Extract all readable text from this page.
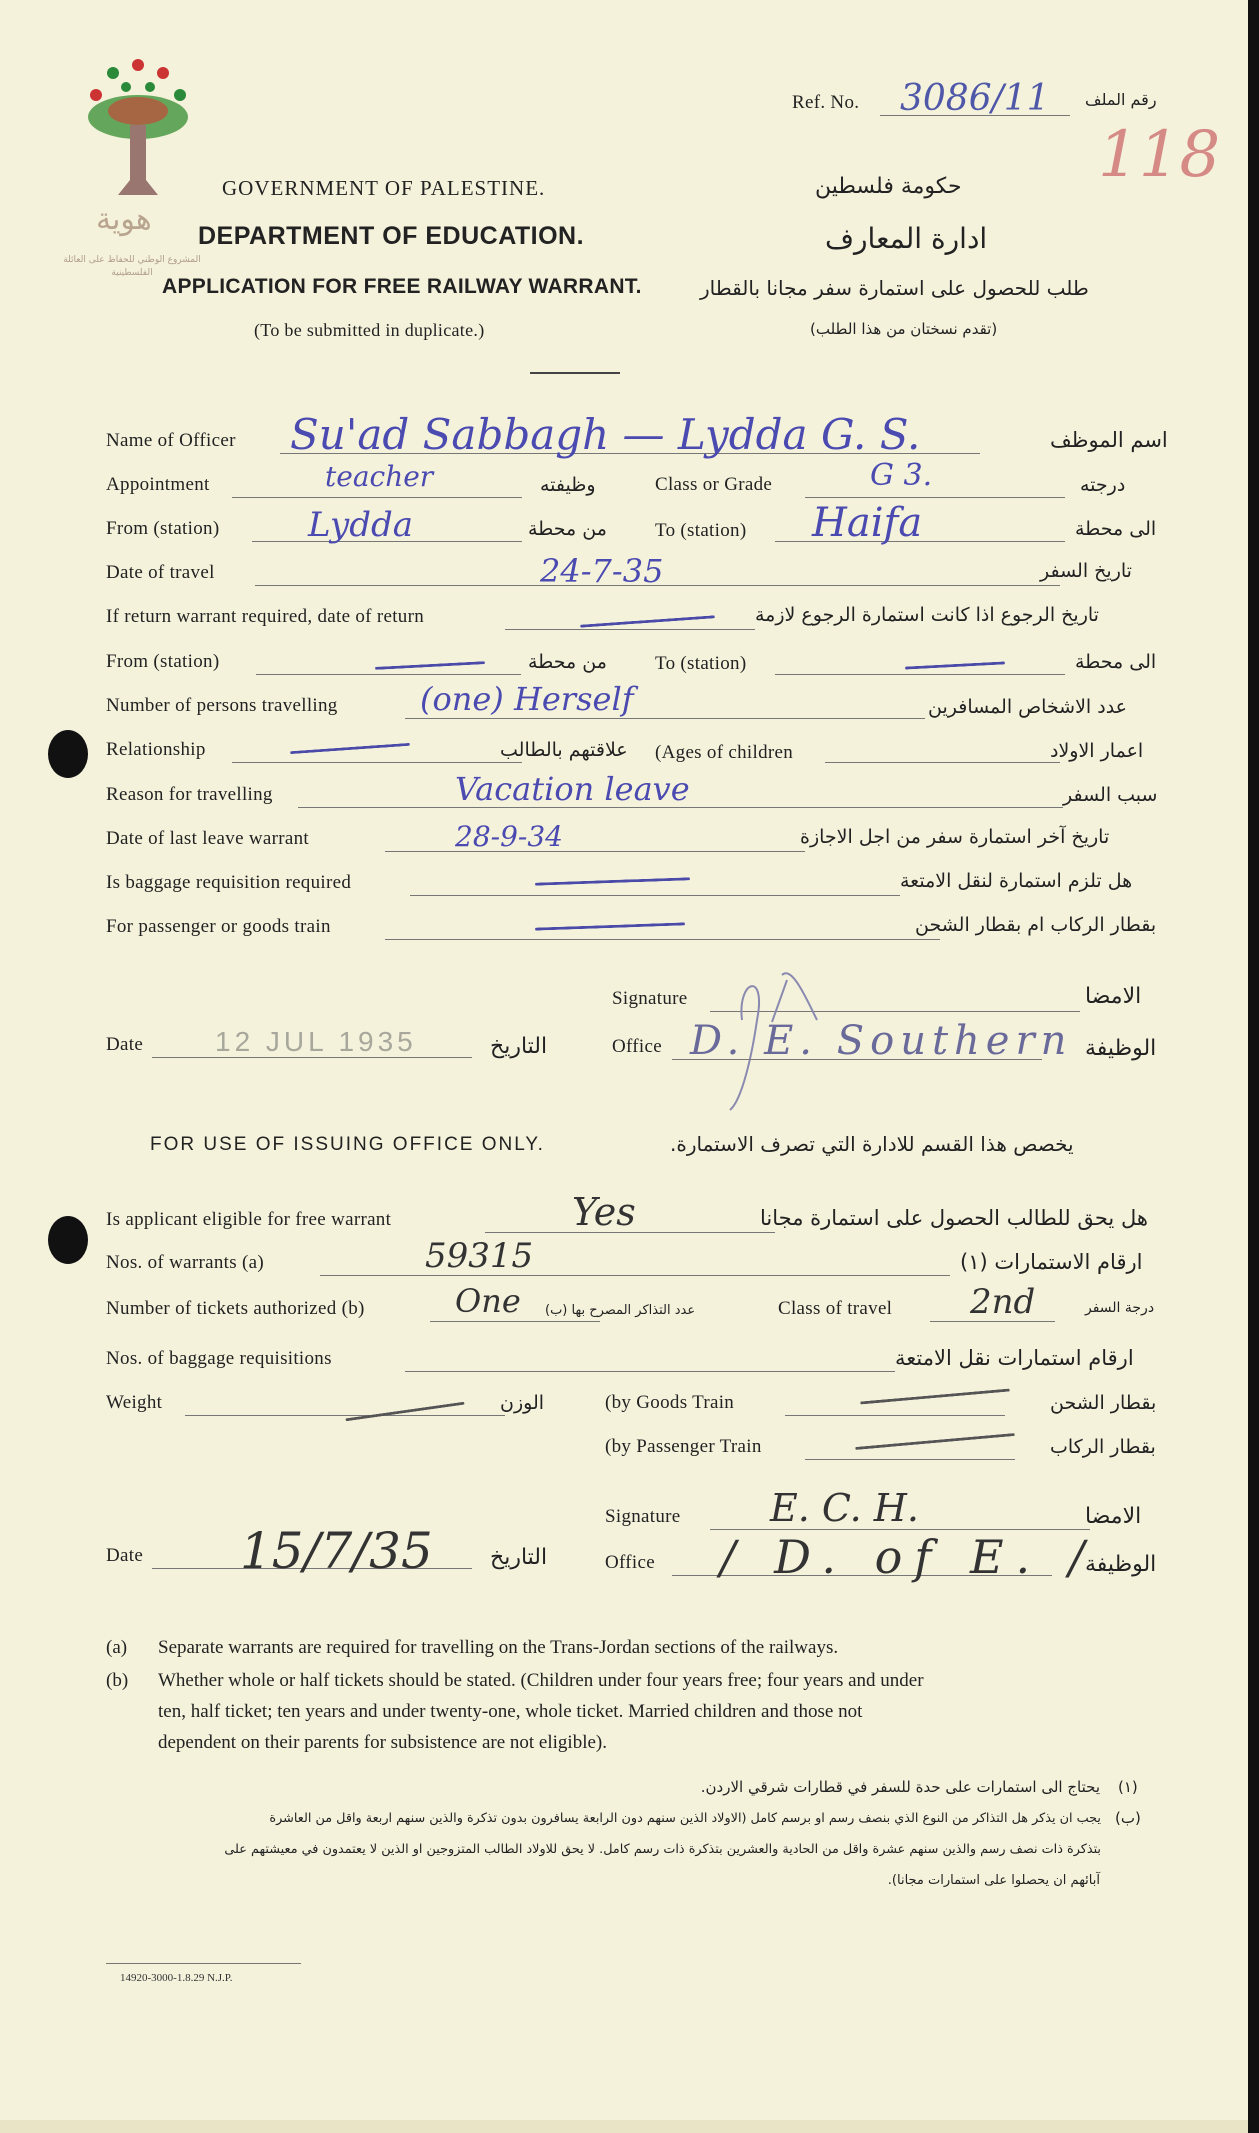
هوية
المشروع الوطني للحفاظ على العائلة الفلسطينية
Ref. No. 3086/11 رقم الملف
118
GOVERNMENT OF PALESTINE.	حكومة فلسطين
DEPARTMENT OF EDUCATION.	ادارة المعارف
APPLICATION FOR FREE RAILWAY WARRANT.	طلب للحصول على استمارة سفر مجانا بالقطار
(To be submitted in duplicate.)	(تقدم نسختان من هذا الطلب)
Name of Officer Su'ad Sabbagh — Lydda G. S.	اسم الموظف
Appointment	teacher	وظيفته	Class or Grade	G 3.	درجته
From (station)	Lydda	من محطة	To (station) Haifa	الى محطة
Date of travel	24-7-35	تاريخ السفر
If return warrant required, date of return	تاريخ الرجوع اذا كانت استمارة الرجوع لازمة
From (station)	من محطة	To (station)	الى محطة
Number of persons travelling	(one) Herself	عدد الاشخاص المسافرين
Relationship	علاقتهم بالطالب (Ages of children	اعمار الاولاد
Reason for travelling	Vacation leave	سبب السفر
Date of last leave warrant	28-9-34	تاريخ آخر استمارة سفر من اجل الاجازة
Is baggage requisition required	هل تلزم استمارة لنقل الامتعة
For passenger or goods train	بقطار الركاب ام بقطار الشحن
Signature	الامضا
Date	12 JUL 1935	التاريخ	Office D. E. Southern الوظيفة
FOR USE OF ISSUING OFFICE ONLY.	يخصص هذا القسم للادارة التي تصرف الاستمارة.
Is applicant eligible for free warrant	Yes	هل يحق للطالب الحصول على استمارة مجانا
Nos. of warrants (a)	59315	ارقام الاستمارات (١)
Number of tickets authorized (b)	One عدد التذاكر المصرح بها (ب)	Class of travel 2nd	درجة السفر
Nos. of baggage requisitions	ارقام استمارات نقل الامتعة
Weight	الوزن	(by Goods Train	بقطار الشحن
(by Passenger Train	بقطار الركاب
Signature E. C. H.	الامضا
Date 15/7/35	التاريخ	Office / D. of E. /
الوظيفة
(a) Separate warrants are required for travelling on the Trans-Jordan sections of the railways.
(b) Whether whole or half tickets should be stated. (Children under four years free; four years and under
ten, half ticket; ten years and under twenty-one, whole ticket. Married children and those not
dependent on their parents for subsistence are not eligible).
(١)
يحتاج الى استمارات على حدة للسفر في قطارات شرقي الاردن.
(ب)
يجب ان يذكر هل التذاكر من النوع الذي بنصف رسم او برسم كامل (الاولاد الذين سنهم دون الرابعة يسافرون بدون تذكرة والذين سنهم اربعة واقل من العاشرة
بتذكرة ذات نصف رسم والذين سنهم عشرة واقل من الحادية والعشرين بتذكرة ذات رسم كامل. لا يحق للاولاد الطالب المتزوجين او الذين لا يعتمدون في معيشتهم على
آبائهم ان يحصلوا على استمارات مجانا).
14920-3000-1.8.29 N.J.P.
